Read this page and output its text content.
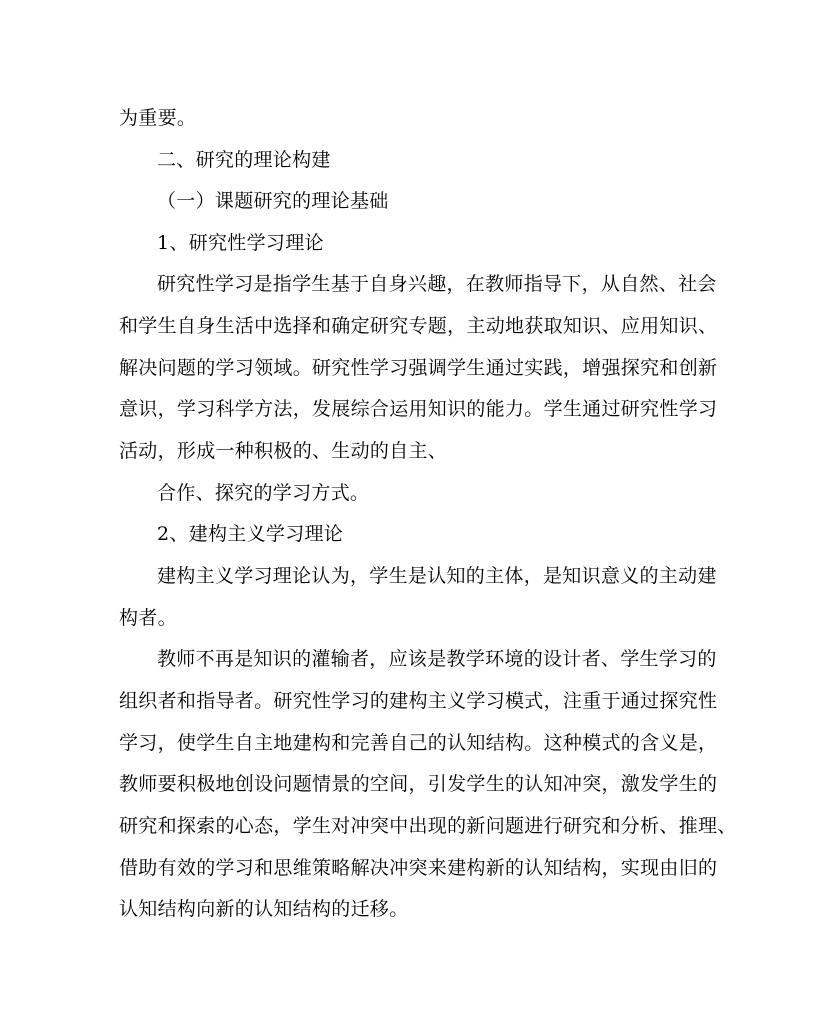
为重要。
二、研究的理论构建
（一）课题研究的理论基础
1、研究性学习理论
研究性学习是指学生基于自身兴趣，在教师指导下，从自然、社会
和学生自身生活中选择和确定研究专题，主动地获取知识、应用知识、
解决问题的学习领域。研究性学习强调学生通过实践，增强探究和创新
意识，学习科学方法，发展综合运用知识的能力。学生通过研究性学习
活动，形成一种积极的、生动的自主、
合作、探究的学习方式。
2、建构主义学习理论
建构主义学习理论认为，学生是认知的主体，是知识意义的主动建
构者。
教师不再是知识的灌输者，应该是教学环境的设计者、学生学习的
组织者和指导者。研究性学习的建构主义学习模式，注重于通过探究性
学习，使学生自主地建构和完善自己的认知结构。这种模式的含义是，
教师要积极地创设问题情景的空间，引发学生的认知冲突，激发学生的
研究和探索的心态，学生对冲突中出现的新问题进行研究和分析、推理、
借助有效的学习和思维策略解决冲突来建构新的认知结构，实现由旧的
认知结构向新的认知结构的迁移。
